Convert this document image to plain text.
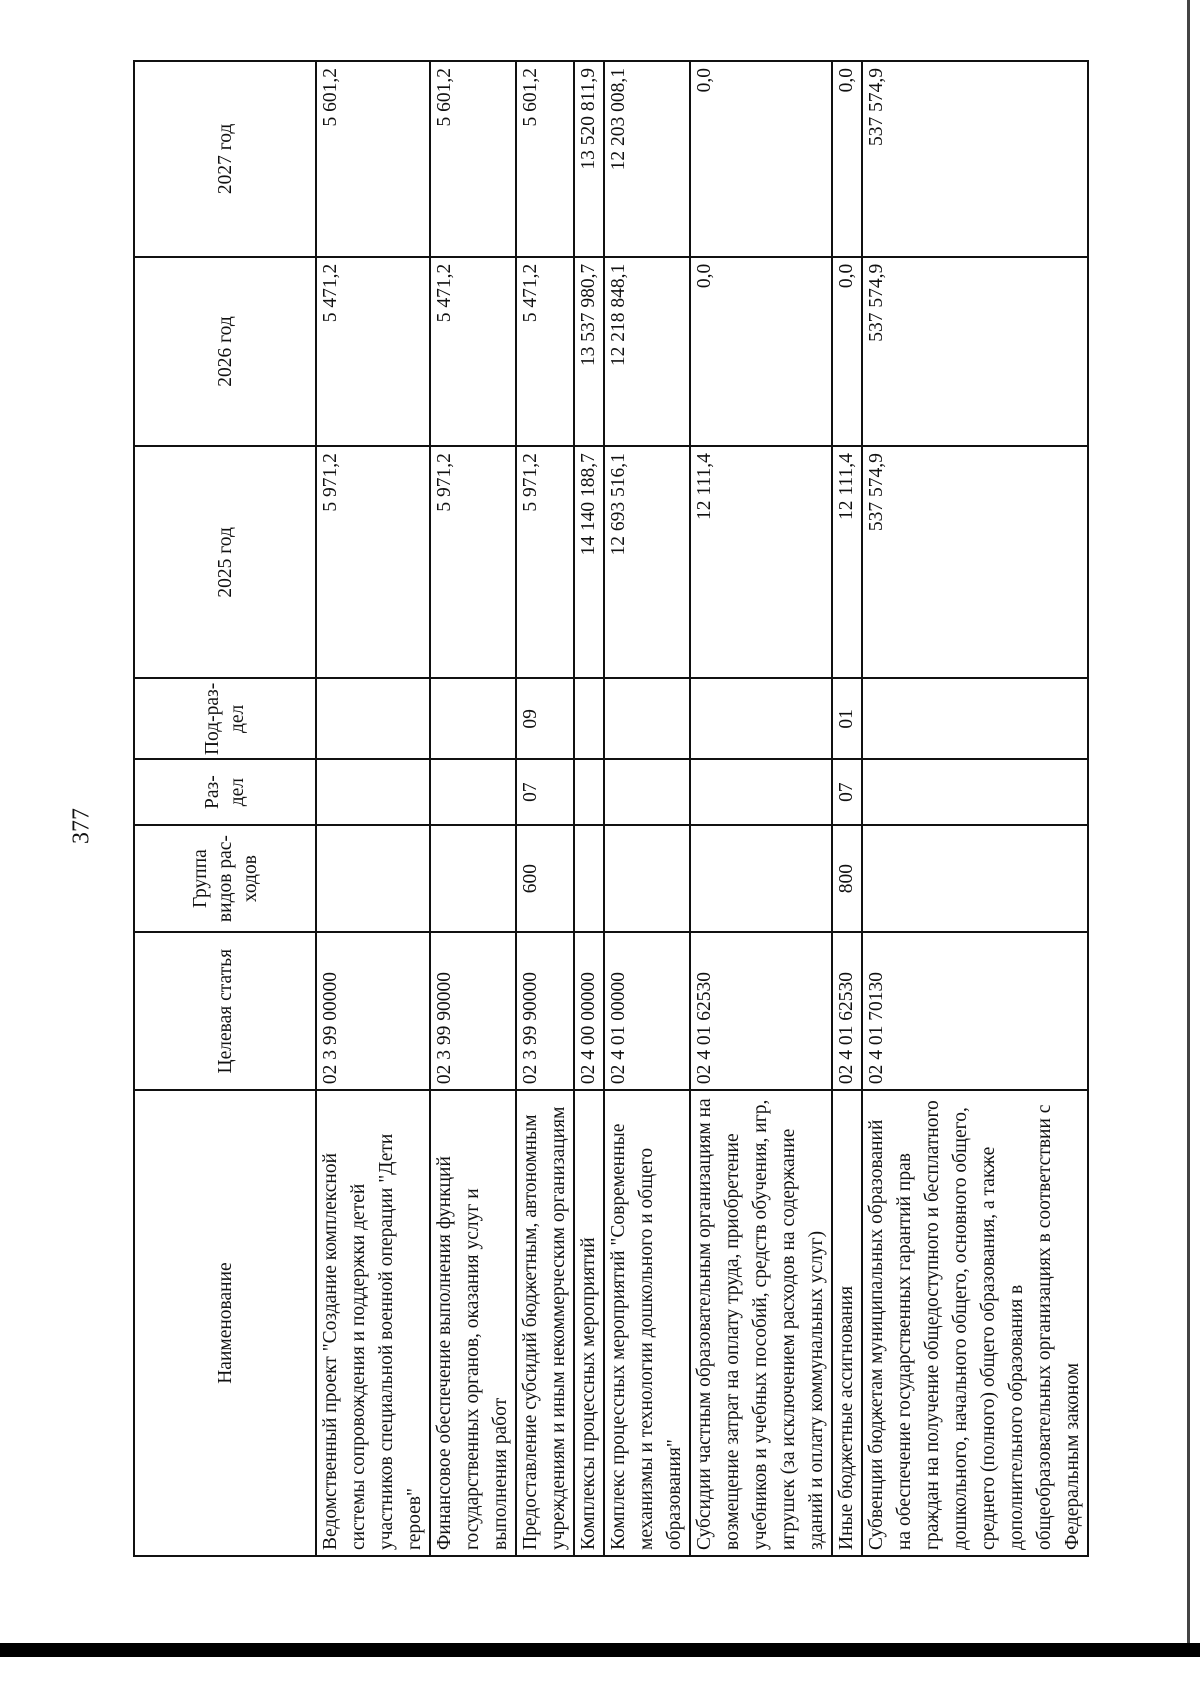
377
Наименование	Целевая статья	Группа видов рас-ходов	Раз-дел	Под-раз-дел	2025 год	2026 год	2027 год
Ведомственный проект "Создание комплексной системы сопровождения и поддержки детей участников специальной военной операции "Дети героев"	02 3 99 00000				5 971,2	5 471,2	5 601,2
Финансовое обеспечение выполнения функций государственных органов, оказания услуг и выполнения работ	02 3 99 90000				5 971,2	5 471,2	5 601,2
Предоставление субсидий бюджетным, автономным учреждениям и иным некоммерческим организациям	02 3 99 90000	600	07	09	5 971,2	5 471,2	5 601,2
Комплексы процессных мероприятий	02 4 00 00000				14 140 188,7	13 537 980,7	13 520 811,9
Комплекс процессных мероприятий "Современные механизмы и технологии дошкольного и общего образования"	02 4 01 00000				12 693 516,1	12 218 848,1	12 203 008,1
Субсидии частным образовательным организациям на возмещение затрат на оплату труда, приобретение учебников и учебных пособий, средств обучения, игр, игрушек (за исключением расходов на содержание зданий и оплату коммунальных услуг)	02 4 01 62530				12 111,4	0,0	0,0
Иные бюджетные ассигнования	02 4 01 62530	800	07	01	12 111,4	0,0	0,0
Субвенции бюджетам муниципальных образований на обеспечение государственных гарантий прав граждан на получение общедоступного и бесплатного дошкольного, начального общего, основного общего, среднего (полного) общего образования, а также дополнительного образования в общеобразовательных организациях в соответствии с Федеральным законом	02 4 01 70130				537 574,9	537 574,9	537 574,9
